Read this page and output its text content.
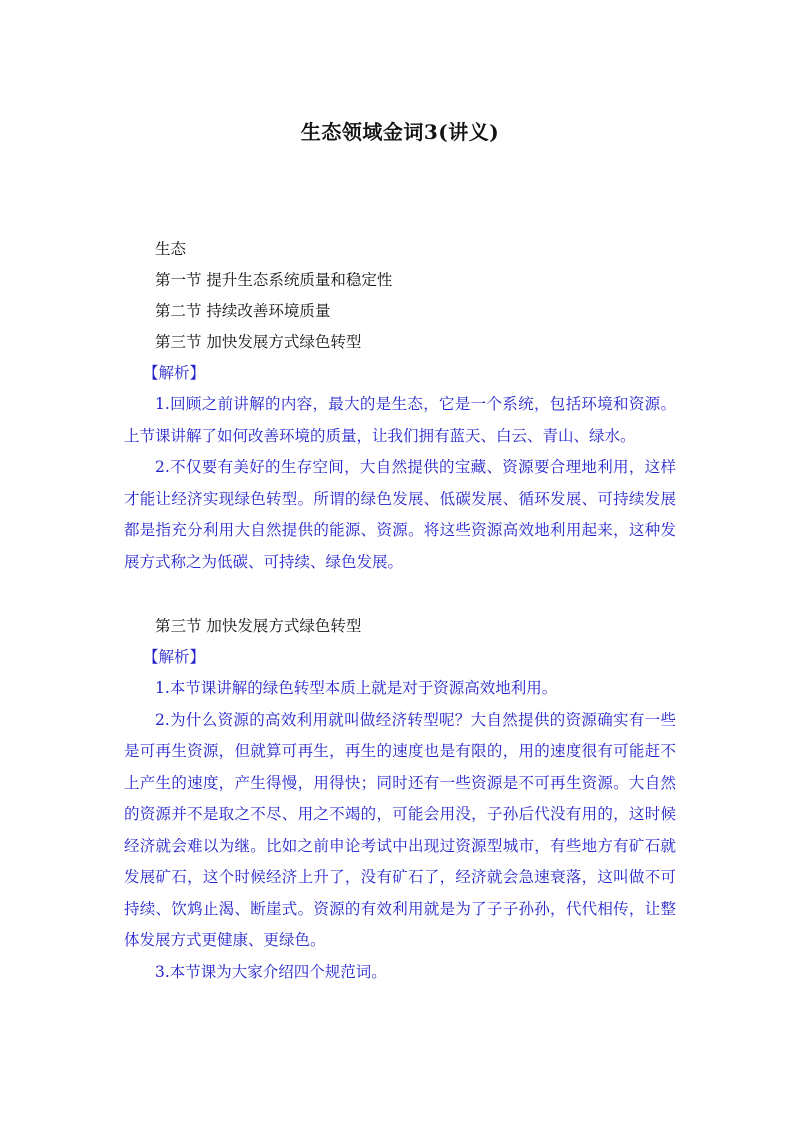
生态领域金词3(讲义)
生态
第一节 提升生态系统质量和稳定性
第二节 持续改善环境质量
第三节 加快发展方式绿色转型
【解析】

1.回顾之前讲解的内容，最大的是生态，它是一个系统，包括环境和资源。上节课讲解了如何改善环境的质量，让我们拥有蓝天、白云、青山、绿水。

2.不仅要有美好的生存空间，大自然提供的宝藏、资源要合理地利用，这样才能让经济实现绿色转型。所谓的绿色发展、低碳发展、循环发展、可持续发展都是指充分利用大自然提供的能源、资源。将这些资源高效地利用起来，这种发展方式称之为低碳、可持续、绿色发展。

第三节 加快发展方式绿色转型
【解析】

1.本节课讲解的绿色转型本质上就是对于资源高效地利用。

2.为什么资源的高效利用就叫做经济转型呢？大自然提供的资源确实有一些是可再生资源，但就算可再生，再生的速度也是有限的，用的速度很有可能赶不上产生的速度，产生得慢，用得快；同时还有一些资源是不可再生资源。大自然的资源并不是取之不尽、用之不竭的，可能会用没，子孙后代没有用的，这时候经济就会难以为继。比如之前申论考试中出现过资源型城市，有些地方有矿石就发展矿石，这个时候经济上升了，没有矿石了，经济就会急速衰落，这叫做不可持续、饮鸩止渴、断崖式。资源的有效利用就是为了子子孙孙，代代相传，让整体发展方式更健康、更绿色。

3.本节课为大家介绍四个规范词。
